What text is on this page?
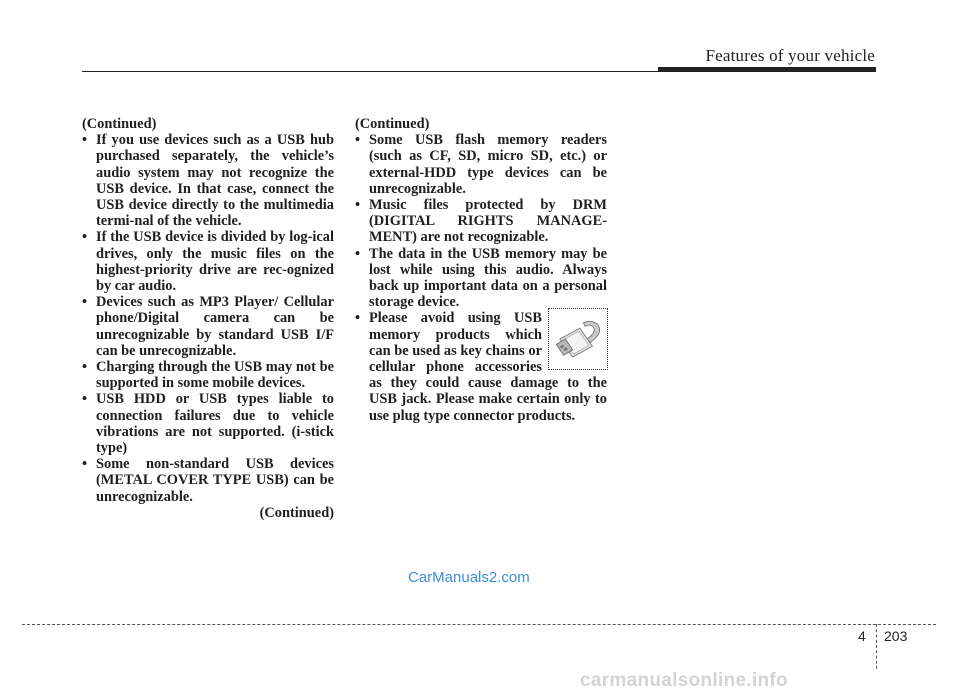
Features of your vehicle

(Continued)

• If you use devices such as a USB hub purchased separately, the vehicle’s audio system may not recognize the USB device. In that case, connect the USB device directly to the multimedia termi-nal of the vehicle.
• If the USB device is divided by log-ical drives, only the music files on the highest-priority drive are rec-ognized by car audio.
• Devices such as MP3 Player/ Cellular phone/Digital camera can be unrecognizable by standard USB I/F can be unrecognizable.
• Charging through the USB may not be supported in some mobile devices.
• USB HDD or USB types liable to connection failures due to vehicle vibrations are not supported. (i-stick type)
• Some non-standard USB devices (METAL COVER TYPE USB) can be unrecognizable.

(Continued)

(Continued)

• Some USB flash memory readers (such as CF, SD, micro SD, etc.) or external-HDD type devices can be unrecognizable.
• Music files protected by DRM (DIGITAL RIGHTS MANAGE-MENT) are not recognizable.
• The data in the USB memory may be lost while using this audio. Always back up important data on a personal storage device.
• Please avoid using USB memory products which can be used as key chains or cellular phone accessories as they could cause damage to the USB jack. Please make certain only to use plug type connector products.
CarManuals2.com
4 203
carmanualsonline.info
